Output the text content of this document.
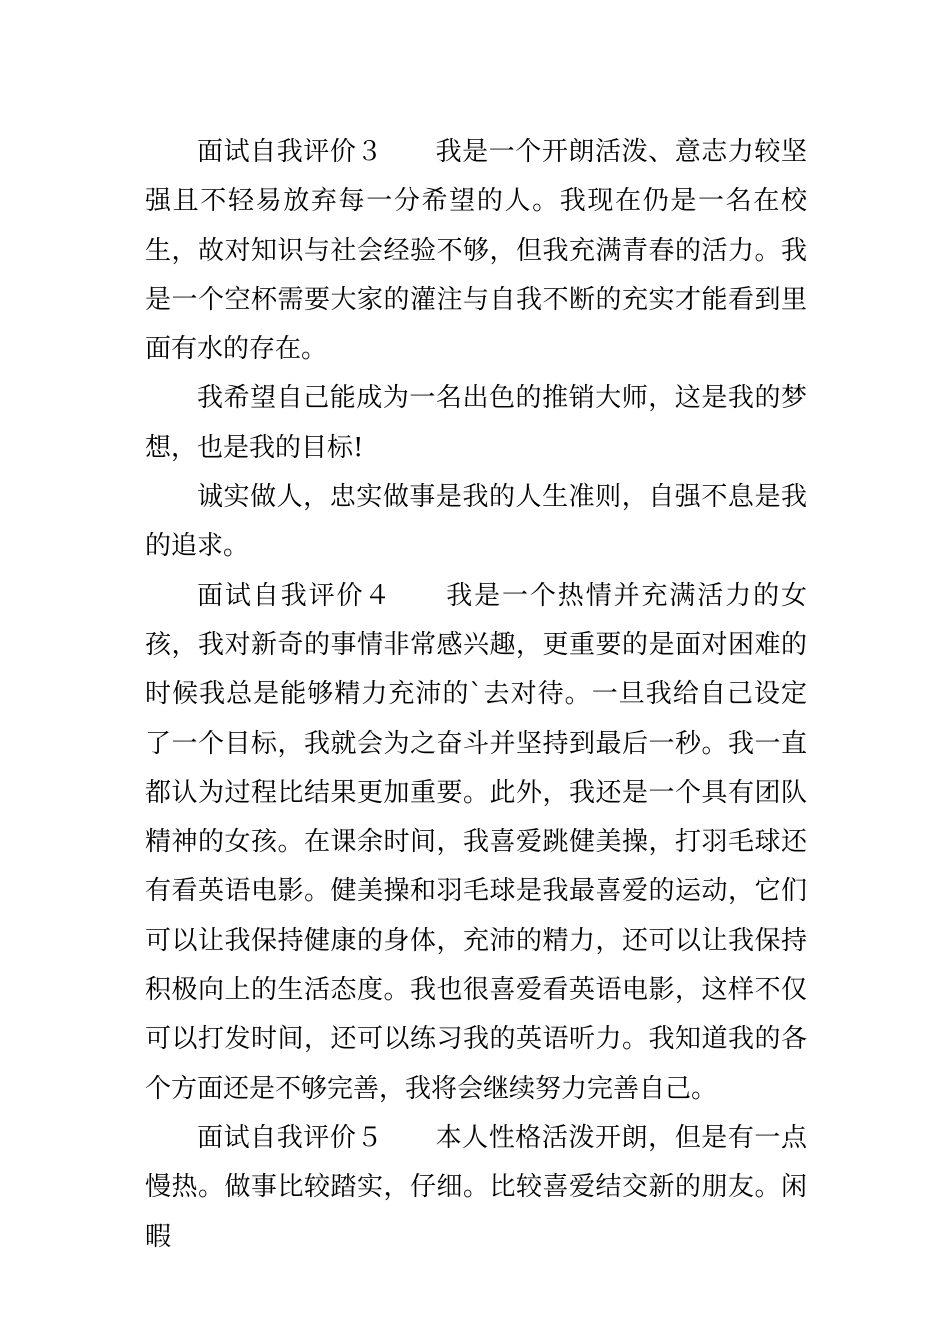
面试自我评价３ 我是一个开朗活泼、意志力较坚强且不轻易放弃每一分希望的人。我现在仍是一名在校生，故对知识与社会经验不够，但我充满青春的活力。我是一个空杯需要大家的灌注与自我不断的充实才能看到里面有水的存在。

我希望自己能成为一名出色的推销大师，这是我的梦想，也是我的目标!

诚实做人，忠实做事是我的人生准则，自强不息是我的追求。

面试自我评价４ 我是一个热情并充满活力的女孩，我对新奇的事情非常感兴趣，更重要的是面对困难的时候我总是能够精力充沛的`去对待。一旦我给自己设定了一个目标，我就会为之奋斗并坚持到最后一秒。我一直都认为过程比结果更加重要。此外，我还是一个具有团队精神的女孩。在课余时间，我喜爱跳健美操，打羽毛球还有看英语电影。健美操和羽毛球是我最喜爱的运动，它们可以让我保持健康的身体，充沛的精力，还可以让我保持积极向上的生活态度。我也很喜爱看英语电影，这样不仅可以打发时间，还可以练习我的英语听力。我知道我的各个方面还是不够完善，我将会继续努力完善自己。

面试自我评价５ 本人性格活泼开朗，但是有一点慢热。做事比较踏实，仔细。比较喜爱结交新的朋友。闲暇
